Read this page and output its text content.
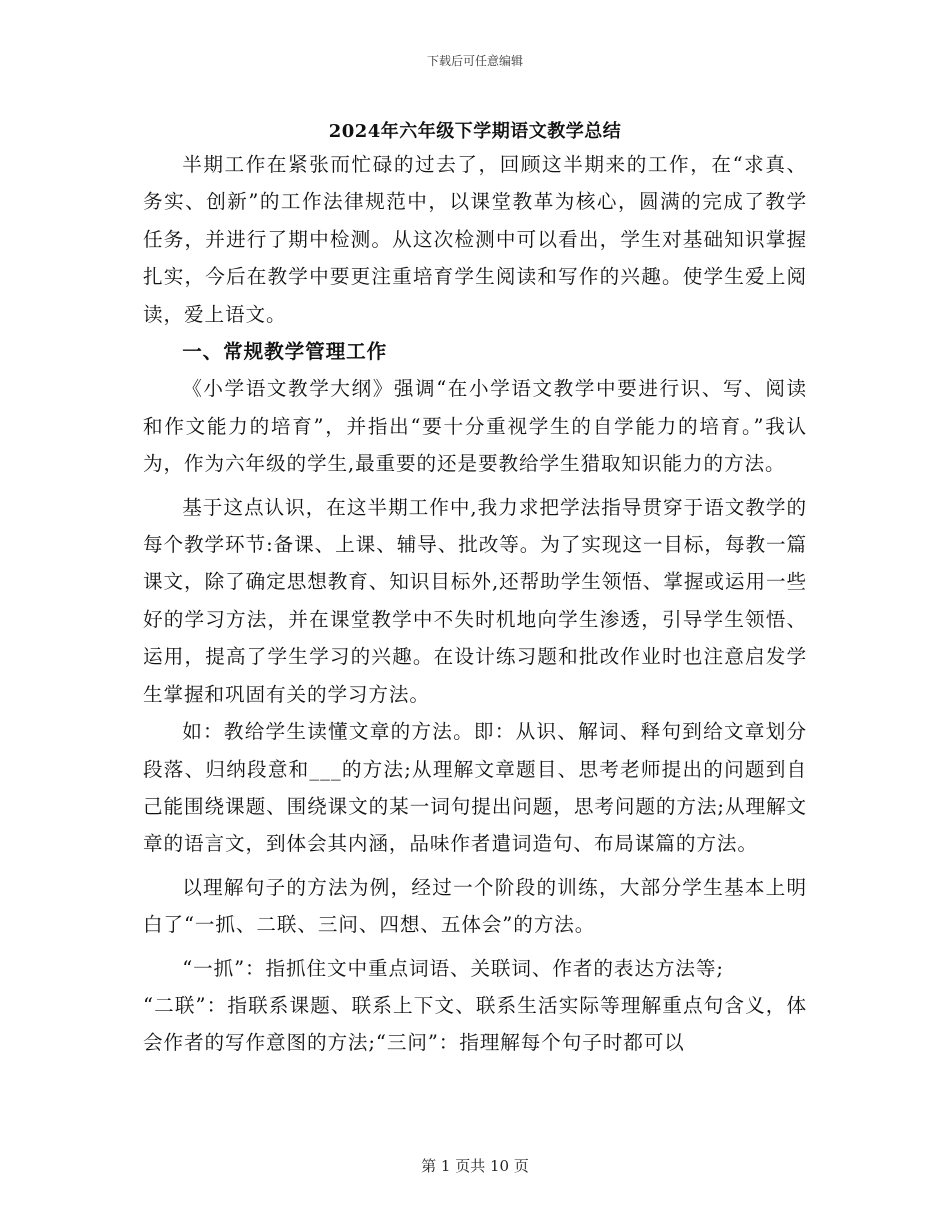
下载后可任意编辑
2024年六年级下学期语文教学总结

半期工作在紧张而忙碌的过去了，回顾这半期来的工作，在“求真、务实、创新”的工作法律规范中，以课堂教革为核心，圆满的完成了教学任务，并进行了期中检测。从这次检测中可以看出，学生对基础知识掌握扎实，今后在教学中要更注重培育学生阅读和写作的兴趣。使学生爱上阅读，爱上语文。

一、常规教学管理工作

《小学语文教学大纲》强调“在小学语文教学中要进行识、写、阅读和作文能力的培育”，并指出“要十分重视学生的自学能力的培育。”我认为，作为六年级的学生,最重要的还是要教给学生猎取知识能力的方法。

基于这点认识，在这半期工作中,我力求把学法指导贯穿于语文教学的每个教学环节:备课、上课、辅导、批改等。为了实现这一目标，每教一篇课文，除了确定思想教育、知识目标外,还帮助学生领悟、掌握或运用一些好的学习方法，并在课堂教学中不失时机地向学生渗透，引导学生领悟、运用，提高了学生学习的兴趣。在设计练习题和批改作业时也注意启发学生掌握和巩固有关的学习方法。

如：教给学生读懂文章的方法。即：从识、解词、释句到给文章划分段落、归纳段意和___的方法;从理解文章题目、思考老师提出的问题到自己能围绕课题、围绕课文的某一词句提出问题，思考问题的方法;从理解文章的语言文，到体会其内涵，品味作者遣词造句、布局谋篇的方法。

以理解句子的方法为例，经过一个阶段的训练，大部分学生基本上明白了“一抓、二联、三问、四想、五体会”的方法。

“一抓”：指抓住文中重点词语、关联词、作者的表达方法等;

“二联”：指联系课题、联系上下文、联系生活实际等理解重点句含义，体会作者的写作意图的方法;“三问”：指理解每个句子时都可以

第 1 页共 10 页
